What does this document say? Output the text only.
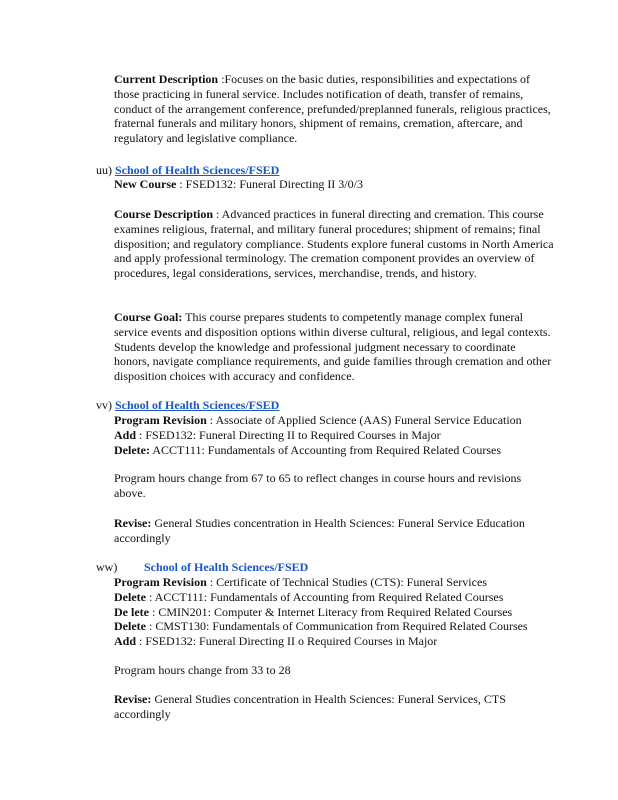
Current Description :Focuses on the basic duties, responsibilities and expectations of those practicing in funeral service. Includes notification of death, transfer of remains, conduct of the arrangement conference, prefunded/preplanned funerals, religious practices, fraternal funerals and military honors, shipment of remains, cremation, aftercare, and regulatory and legislative compliance.

uu) School of Health Sciences/FSED

New Course : FSED132: Funeral Directing II 3/0/3

Course Description : Advanced practices in funeral directing and cremation. This course examines religious, fraternal, and military funeral procedures; shipment of remains; final disposition; and regulatory compliance. Students explore funeral customs in North America and apply professional terminology. The cremation component provides an overview of procedures, legal considerations, services, merchandise, trends, and history.

Course Goal: This course prepares students to competently manage complex funeral service events and disposition options within diverse cultural, religious, and legal contexts. Students develop the knowledge and professional judgment necessary to coordinate honors, navigate compliance requirements, and guide families through cremation and other disposition choices with accuracy and confidence.

vv) School of Health Sciences/FSED
Program Revision : Associate of Applied Science (AAS) Funeral Service Education
Add : FSED132: Funeral Directing II to Required Courses in Major
Delete: ACCT111: Fundamentals of Accounting from Required Related Courses

Program hours change from 67 to 65 to reflect changes in course hours and revisions above.

Revise: General Studies concentration in Health Sciences: Funeral Service Education accordingly

ww) School of Health Sciences/FSED
Program Revision : Certificate of Technical Studies (CTS): Funeral Services
Delete : ACCT111: Fundamentals of Accounting from Required Related Courses
De lete : CMIN201: Computer & Internet Literacy from Required Related Courses
Delete : CMST130: Fundamentals of Communication from Required Related Courses
Add : FSED132: Funeral Directing II o Required Courses in Major

Program hours change from 33 to 28

Revise: General Studies concentration in Health Sciences: Funeral Services, CTS accordingly
